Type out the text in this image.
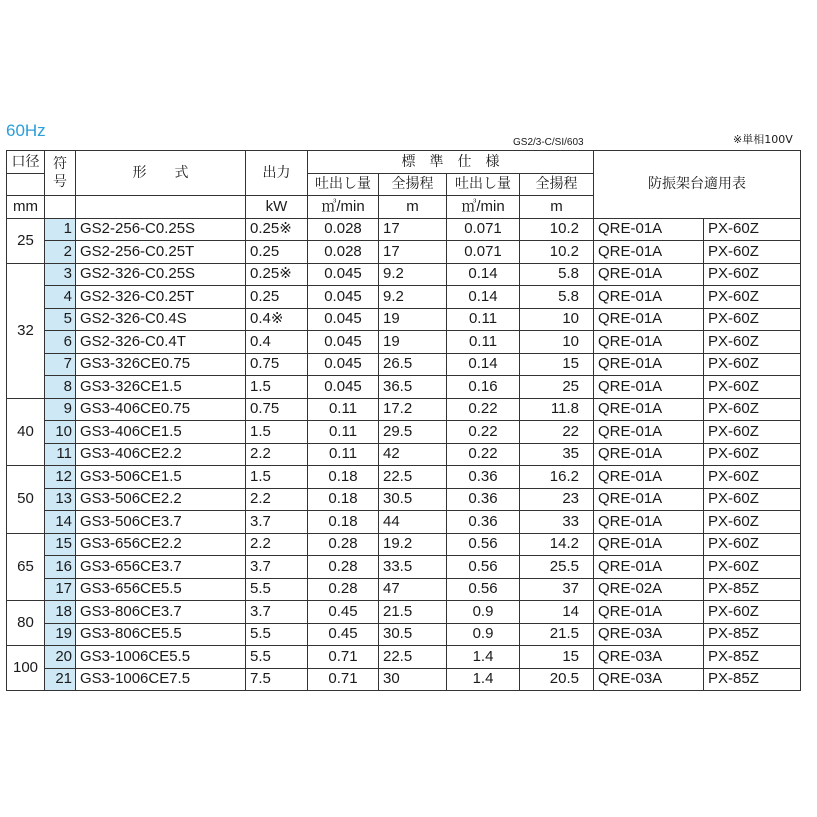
60Hz
GS2/3-C/SI/603	※単相100V
口径	符号	形　　式	出力	標　準　仕　様				防振架台適用表	
				吐出し量	全揚程	吐出し量	全揚程		
mm			kW	㎥/min	m	㎥/min	m		
25	1	GS2-256-C0.25S	0.25※	0.028	17	0.071	10.2	QRE-01A	PX-60Z
	2	GS2-256-C0.25T	0.25	0.028	17	0.071	10.2	QRE-01A	PX-60Z
32	3	GS2-326-C0.25S	0.25※	0.045	9.2	0.14	5.8	QRE-01A	PX-60Z
	4	GS2-326-C0.25T	0.25	0.045	9.2	0.14	5.8	QRE-01A	PX-60Z
	5	GS2-326-C0.4S	0.4※	0.045	19	0.11	10	QRE-01A	PX-60Z
	6	GS2-326-C0.4T	0.4	0.045	19	0.11	10	QRE-01A	PX-60Z
	7	GS3-326CE0.75	0.75	0.045	26.5	0.14	15	QRE-01A	PX-60Z
	8	GS3-326CE1.5	1.5	0.045	36.5	0.16	25	QRE-01A	PX-60Z
40	9	GS3-406CE0.75	0.75	0.11	17.2	0.22	11.8	QRE-01A	PX-60Z
	10	GS3-406CE1.5	1.5	0.11	29.5	0.22	22	QRE-01A	PX-60Z
	11	GS3-406CE2.2	2.2	0.11	42	0.22	35	QRE-01A	PX-60Z
50	12	GS3-506CE1.5	1.5	0.18	22.5	0.36	16.2	QRE-01A	PX-60Z
	13	GS3-506CE2.2	2.2	0.18	30.5	0.36	23	QRE-01A	PX-60Z
	14	GS3-506CE3.7	3.7	0.18	44	0.36	33	QRE-01A	PX-60Z
65	15	GS3-656CE2.2	2.2	0.28	19.2	0.56	14.2	QRE-01A	PX-60Z
	16	GS3-656CE3.7	3.7	0.28	33.5	0.56	25.5	QRE-01A	PX-60Z
	17	GS3-656CE5.5	5.5	0.28	47	0.56	37	QRE-02A	PX-85Z
80	18	GS3-806CE3.7	3.7	0.45	21.5	0.9	14	QRE-01A	PX-60Z
	19	GS3-806CE5.5	5.5	0.45	30.5	0.9	21.5	QRE-03A	PX-85Z
100	20	GS3-1006CE5.5	5.5	0.71	22.5	1.4	15	QRE-03A	PX-85Z
	21	GS3-1006CE7.5	7.5	0.71	30	1.4	20.5	QRE-03A	PX-85Z
